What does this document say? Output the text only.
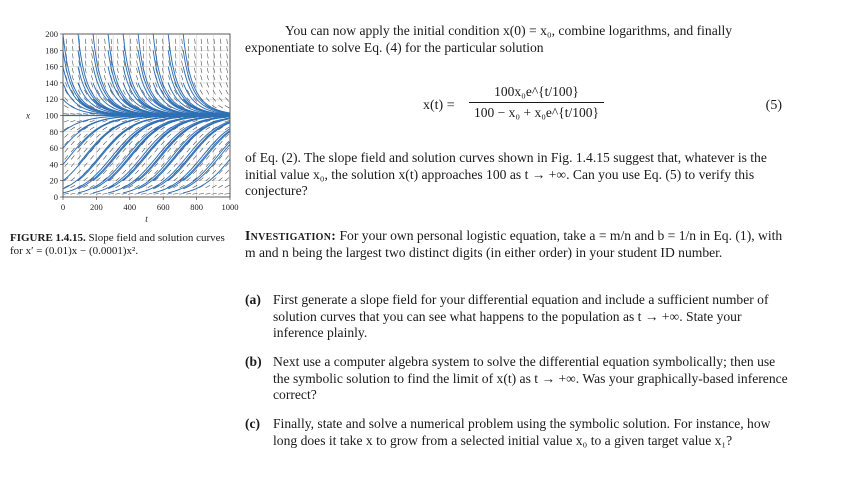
200
180
160
140
120
100
80
60
40
20
0
0	200 400 600 800 1000
t
x
FIGURE 1.4.15. Slope field and solution curves for x′ = (0.01)x − (0.0001)x².
You can now apply the initial condition x(0) = x₀, combine logarithms, and finally exponentiate to solve Eq. (4) for the particular solution
$x(t) = \frac{\text{100x₀e\textasciicircum{}\{t/100\}}}{\text{100 − x₀ + x₀e\textasciicircum{}\{t/100\}}}$	(5)
of Eq. (2). The slope field and solution curves shown in Fig. 1.4.15 suggest that, whatever is the initial value x₀, the solution x(t) approaches 100 as t → +∞. Can you use Eq. (5) to verify this conjecture?
Investigation: For your own personal logistic equation, take a = m/n and b = 1/n in Eq. (1), with m and n being the largest two distinct digits (in either order) in your student ID number.
(a) First generate a slope field for your differential equation and include a sufficient number of solution curves that you can see what happens to the population as t → +∞. State your inference plainly.
(b) Next use a computer algebra system to solve the differential equation symbolically; then use the symbolic solution to find the limit of x(t) as t → +∞. Was your graphically-based inference correct?
(c) Finally, state and solve a numerical problem using the symbolic solution. For instance, how long does it take x to grow from a selected initial value x₀ to a given target value x₁?
